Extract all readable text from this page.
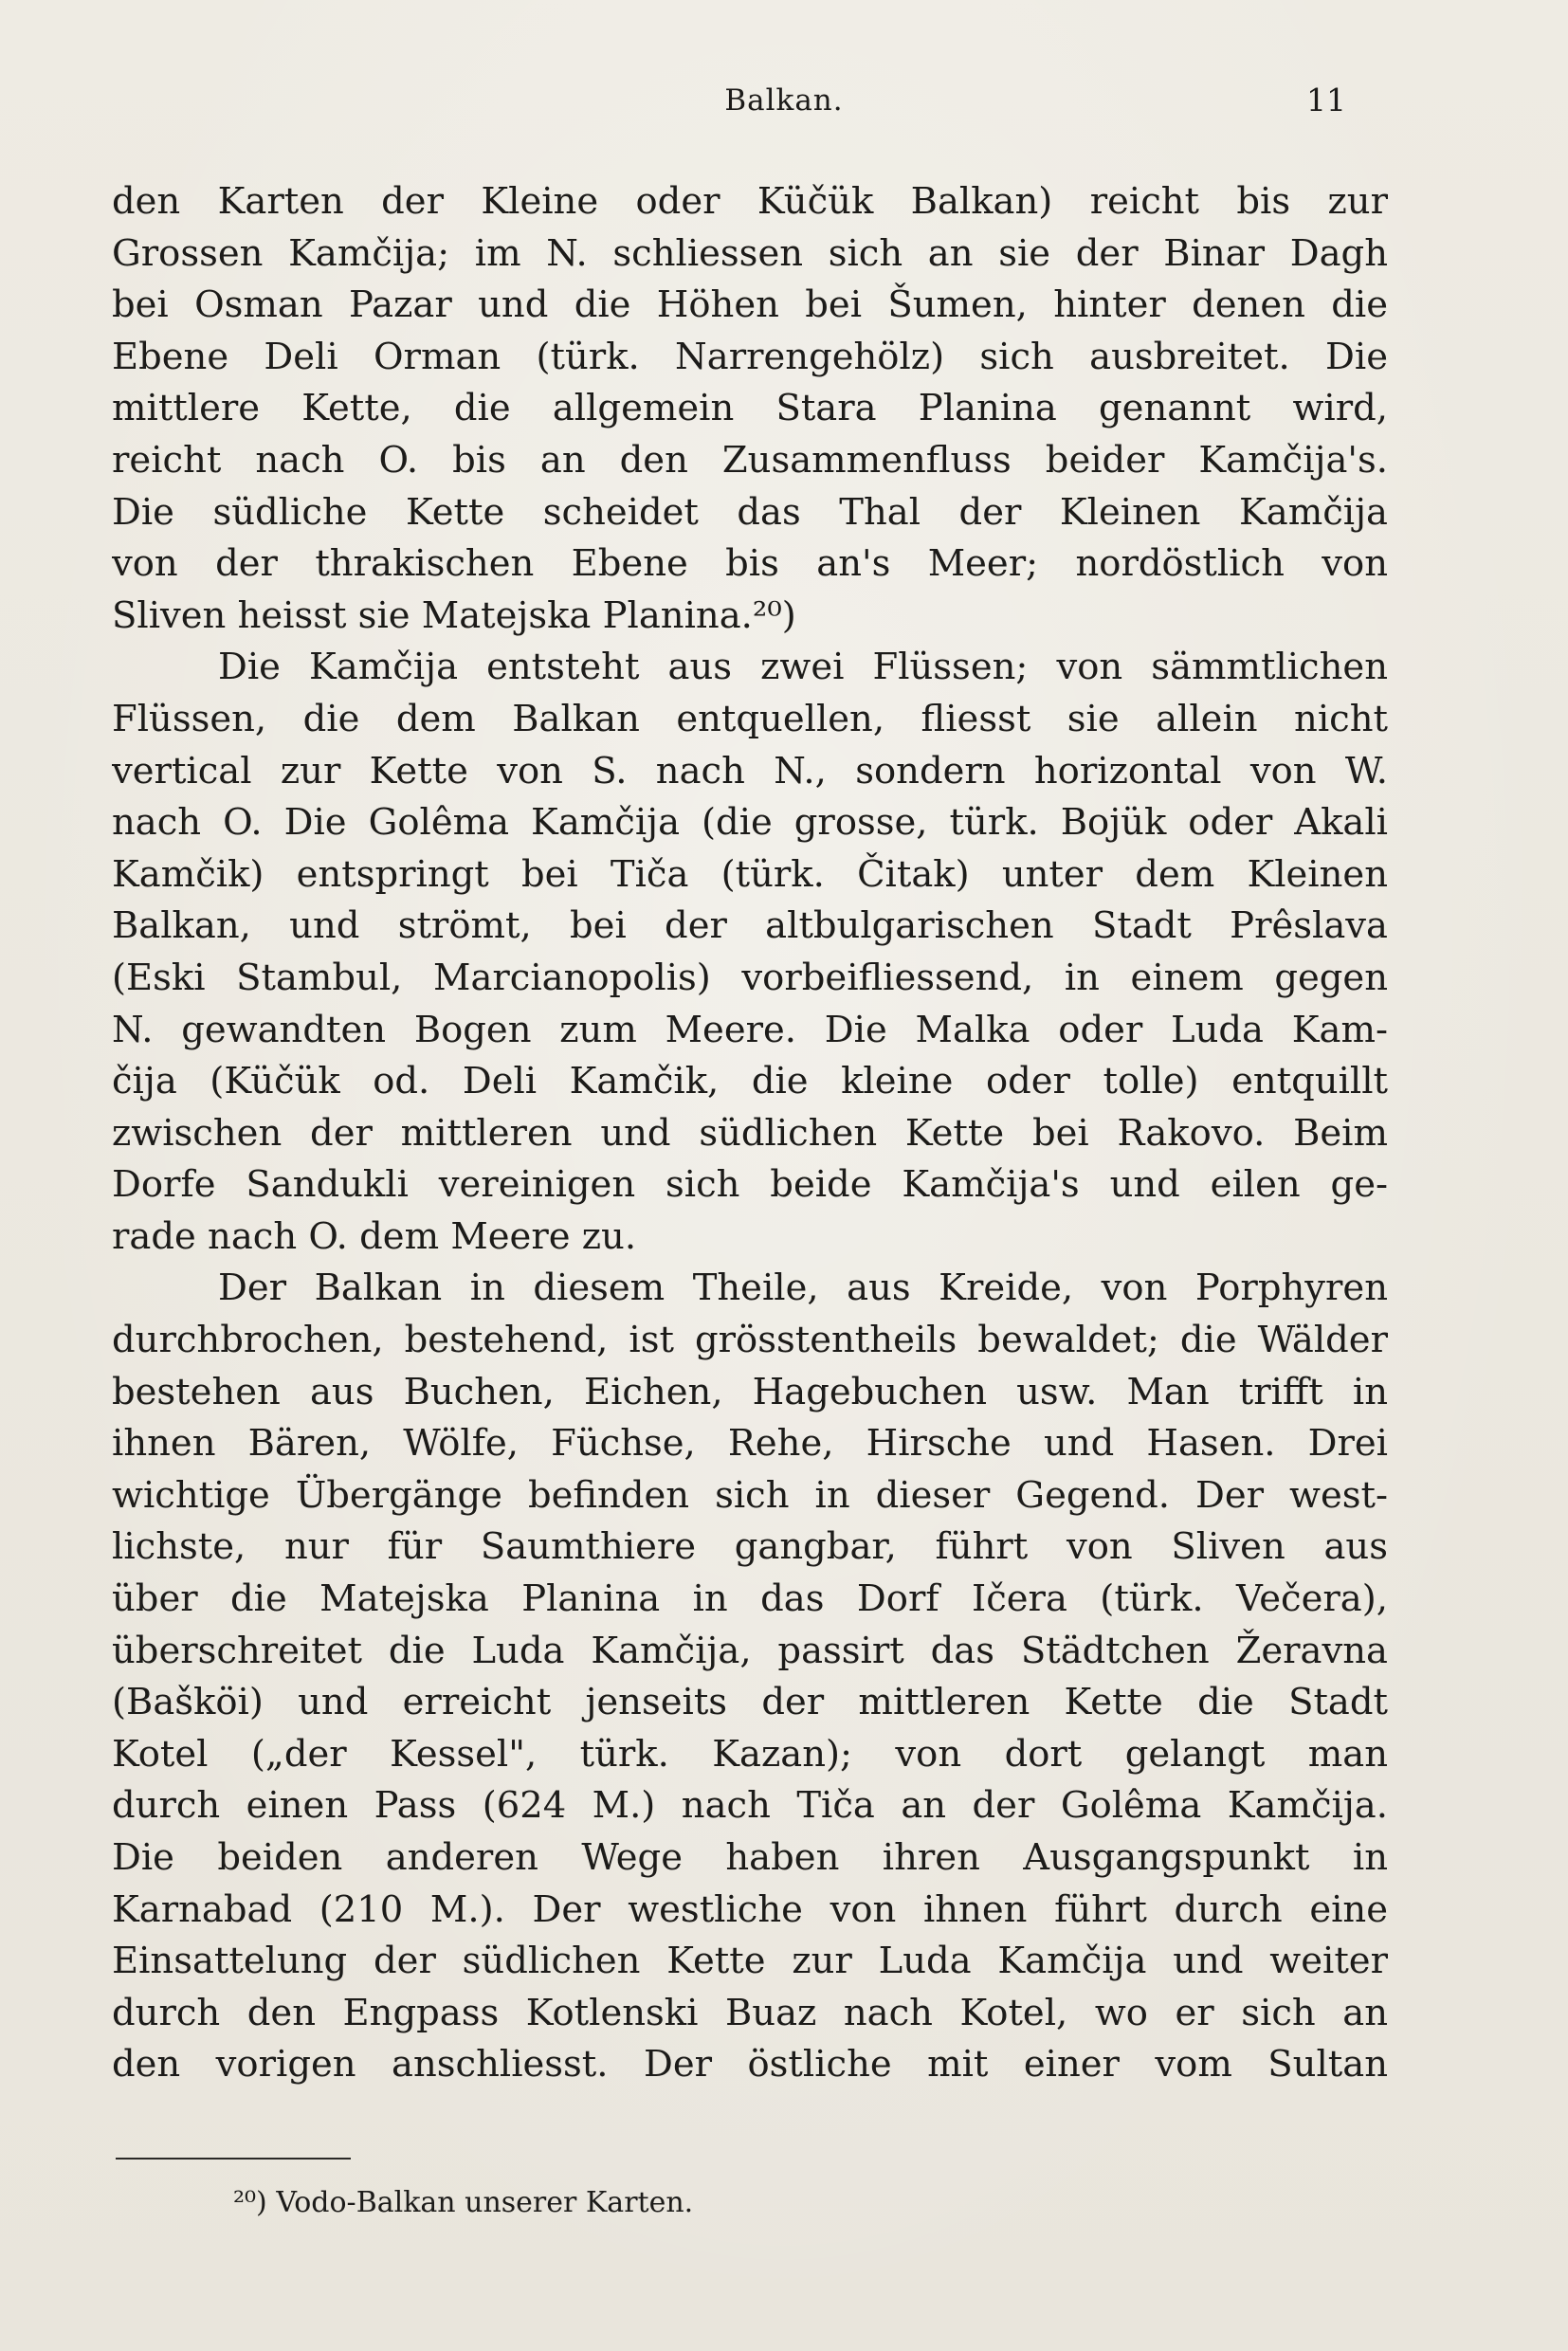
Balkan.	11
den Karten der Kleine oder Küčük Balkan) reicht bis zur
Grossen Kamčija; im N. schliessen sich an sie der Binar Dagh
bei Osman Pazar und die Höhen bei Šumen, hinter denen die
Ebene Deli Orman (türk. Narrengehölz) sich ausbreitet. Die
mittlere Kette, die allgemein Stara Planina genannt wird,
reicht nach O. bis an den Zusammenfluss beider Kamčija's.
Die südliche Kette scheidet das Thal der Kleinen Kamčija
von der thrakischen Ebene bis an's Meer; nordöstlich von
Sliven heisst sie Matejska Planina.²⁰)
Die Kamčija entsteht aus zwei Flüssen; von sämmtlichen
Flüssen, die dem Balkan entquellen, fliesst sie allein nicht
vertical zur Kette von S. nach N., sondern horizontal von W.
nach O. Die Golêma Kamčija (die grosse, türk. Bojük oder Akali
Kamčik) entspringt bei Tiča (türk. Čitak) unter dem Kleinen
Balkan, und strömt, bei der altbulgarischen Stadt Prêslava
(Eski Stambul, Marcianopolis) vorbeifliessend, in einem gegen
N. gewandten Bogen zum Meere. Die Malka oder Luda Kam-
čija (Küčük od. Deli Kamčik, die kleine oder tolle) entquillt
zwischen der mittleren und südlichen Kette bei Rakovo. Beim
Dorfe Sandukli vereinigen sich beide Kamčija's und eilen ge-
rade nach O. dem Meere zu.
Der Balkan in diesem Theile, aus Kreide, von Porphyren
durchbrochen, bestehend, ist grösstentheils bewaldet; die Wälder
bestehen aus Buchen, Eichen, Hagebuchen usw. Man trifft in
ihnen Bären, Wölfe, Füchse, Rehe, Hirsche und Hasen. Drei
wichtige Übergänge befinden sich in dieser Gegend. Der west-
lichste, nur für Saumthiere gangbar, führt von Sliven aus
über die Matejska Planina in das Dorf Ičera (türk. Večera),
überschreitet die Luda Kamčija, passirt das Städtchen Žeravna
(Bašköi) und erreicht jenseits der mittleren Kette die Stadt
Kotel („der Kessel", türk. Kazan); von dort gelangt man
durch einen Pass (624 M.) nach Tiča an der Golêma Kamčija.
Die beiden anderen Wege haben ihren Ausgangspunkt in
Karnabad (210 M.). Der westliche von ihnen führt durch eine
Einsattelung der südlichen Kette zur Luda Kamčija und weiter
durch den Engpass Kotlenski Buaz nach Kotel, wo er sich an
den vorigen anschliesst. Der östliche mit einer vom Sultan
²⁰) Vodo-Balkan unserer Karten.
